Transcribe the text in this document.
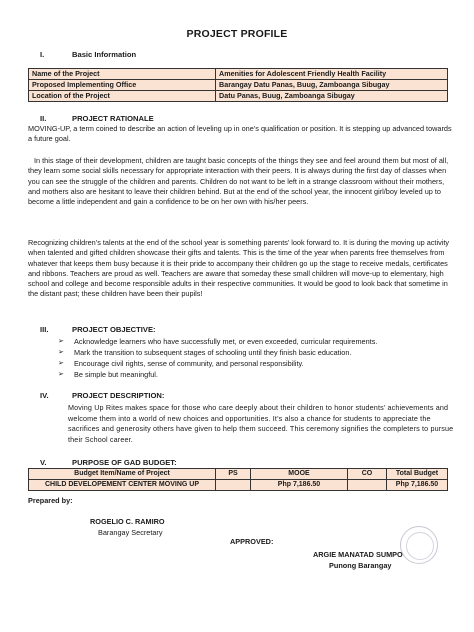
PROJECT PROFILE
I.	Basic Information
Name of the Project	Amenities for Adolescent Friendly Health Facility
Proposed Implementing Office	Barangay Datu Panas, Buug, Zamboanga Sibugay
Location of the Project	Datu Panas, Buug, Zamboanga Sibugay
II.	PROJECT RATIONALE
MOVING-UP, a term coined to describe an action of leveling up in one’s qualification or position. It is stepping up advanced towards a future goal.
In this stage of their development, children are taught basic concepts of the things they see and feel around them but most of all, they learn some social skills necessary for appropriate interaction with their peers. It is always during the first day of classes when you can see the struggle of the children and parents. Children do not want to be left in a strange classroom without their mothers, and mothers also are hesitant to leave their children behind. But at the end of the school year, the innocent girl/boy leveled up to become a little independent and gain a confidence to be on her own with his/her peers.
Recognizing children’s talents at the end of the school year is something parents’ look forward to. It is during the moving up activity when talented and gifted children showcase their gifts and talents. This is the time of the year when parents free themselves from whatever that keeps them busy because it is their pride to accompany their children go up the stage to receive medals, certificates and ribbons. Teachers are proud as well. Teachers are aware that someday these small children will move-up to elementary, high school and college and become responsible adults in their respective communities. It would be good to look back that sometime in the distant past; these children have been their pupils!
III.	PROJECT OBJECTIVE:
➢ Acknowledge learners who have successfully met, or even exceeded, curricular requirements.
➢ Mark the transition to subsequent stages of schooling until they finish basic education.
➢ Encourage civil rights, sense of community, and personal responsibility.
➢ Be simple but meaningful.
IV.	PROJECT DESCRIPTION:
Moving Up Rites makes space for those who care deeply about their children to honor students’ achievements and welcome them into a world of new choices and opportunities. It’s also a chance for students to appreciate the sacrifices and generosity others have given to help them succeed. This ceremony signifies the completers to pursue their School career.
V.	PURPOSE OF GAD BUDGET:
Budget Item/Name of Project	PS	MOOE	CO	Total Budget
CHILD DEVELOPEMENT CENTER MOVING UP		Php 7,186.50		Php 7,186.50
Prepared by:
ROGELIO C. RAMIRO
Barangay Secretary
APPROVED:
ARGIE MANATAD SUMPO
Punong Barangay
